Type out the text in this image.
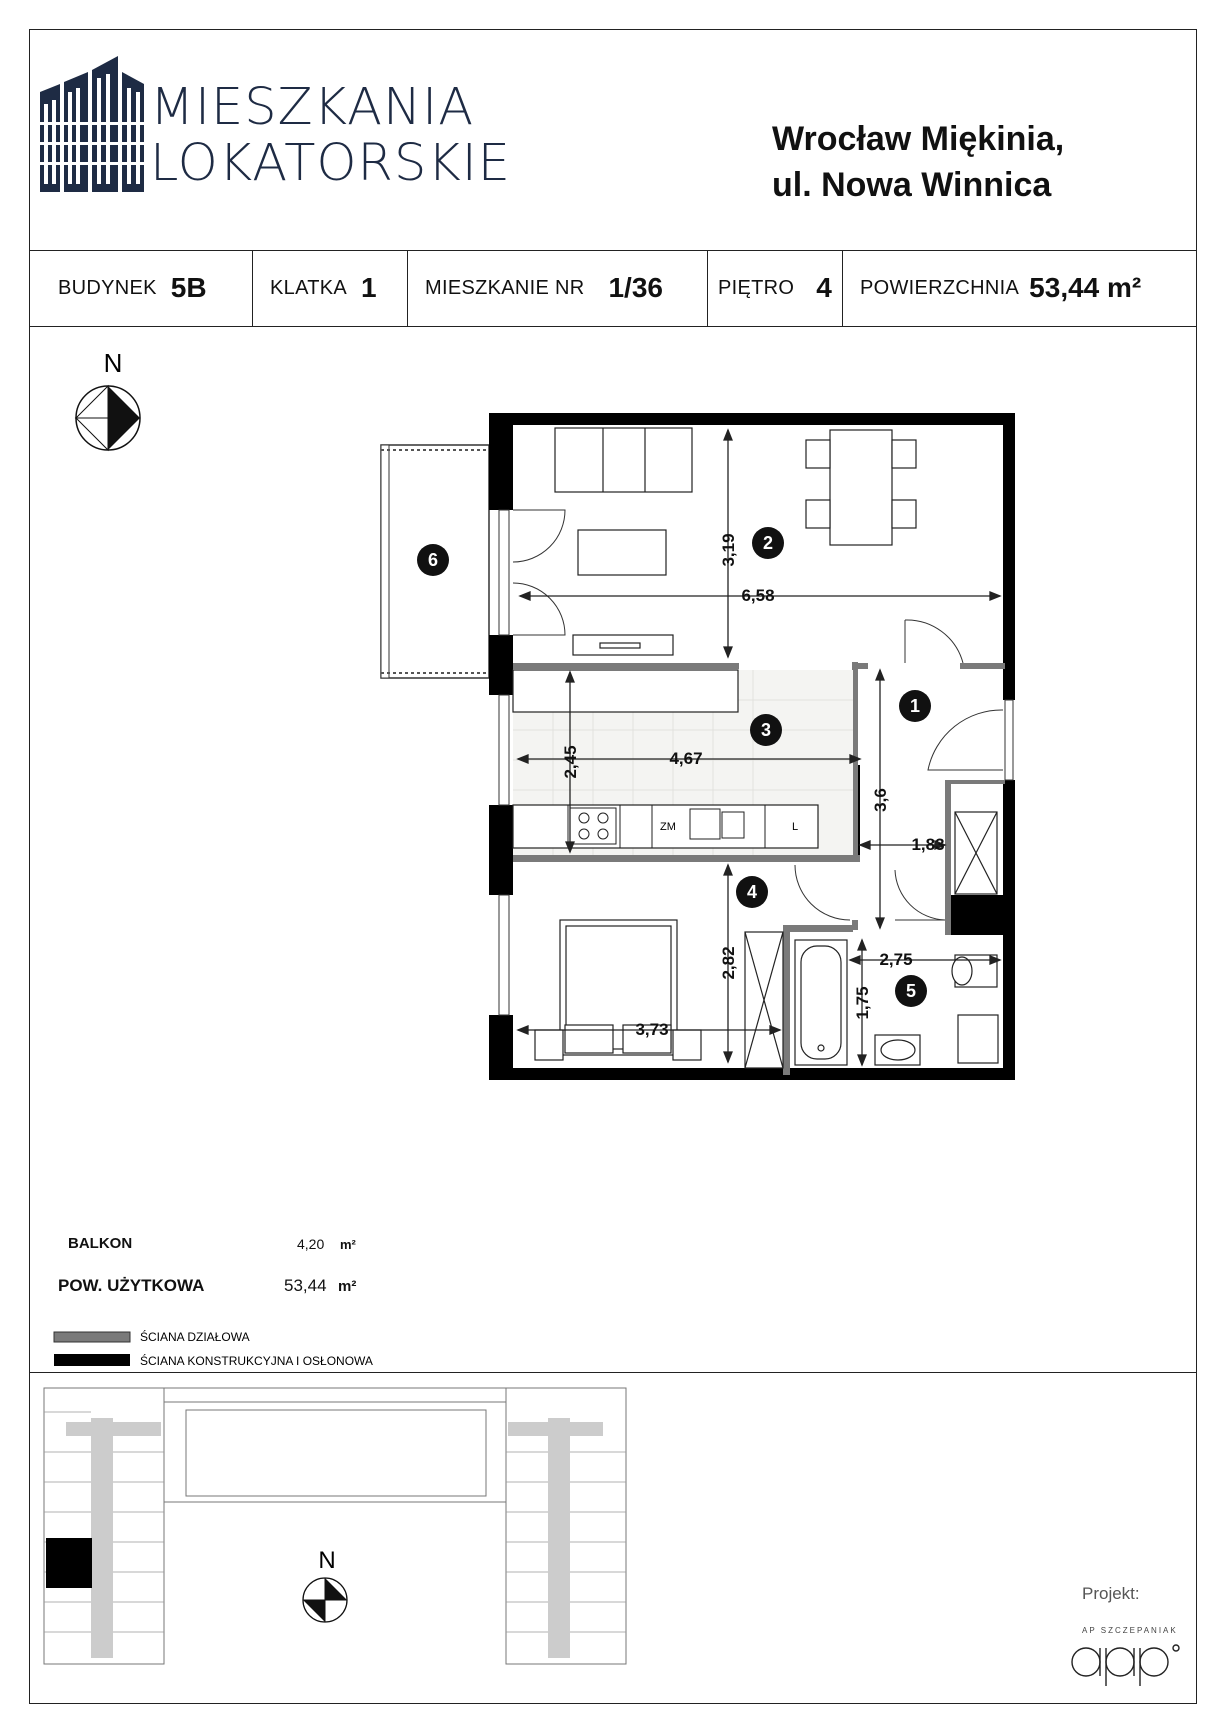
MIESZKANIA
LOKATORSKIE	Wrocław Miękinia,
ul. Nowa Winnica
BUDYNEK 5B	KLATKA 1 MIESZKANIE NR 1/36	PIĘTRO 4 POWIERZCHNIA 53,44 m²
N
ZM	L
3,19
6,58
2,45	4,67
3,6
1,83
2,82
3,73
2,75
1,75
6
2
1
3
4
5
BALKON	4,20 m²
POW. UŻYTKOWA	53,44 m²
ŚCIANA DZIAŁOWA
ŚCIANA KONSTRUKCYJNA I OSŁONOWA
N
Projekt:
AP SZCZEPANIAK
